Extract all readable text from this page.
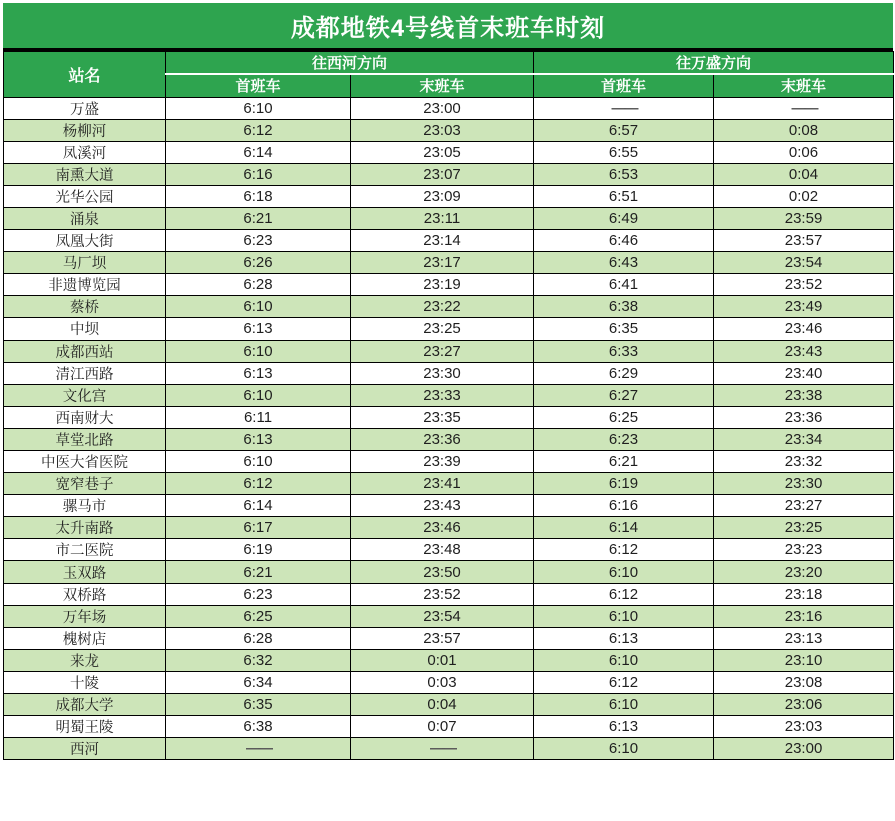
成都地铁4号线首末班车时刻
站名	往西河方向		往万盛方向	
	首班车	末班车	首班车	末班车
万盛	6:10	23:00	——	——
杨柳河	6:12	23:03	6:57	0:08
凤溪河	6:14	23:05	6:55	0:06
南熏大道	6:16	23:07	6:53	0:04
光华公园	6:18	23:09	6:51	0:02
涌泉	6:21	23:11	6:49	23:59
凤凰大街	6:23	23:14	6:46	23:57
马厂坝	6:26	23:17	6:43	23:54
非遗博览园	6:28	23:19	6:41	23:52
蔡桥	6:10	23:22	6:38	23:49
中坝	6:13	23:25	6:35	23:46
成都西站	6:10	23:27	6:33	23:43
清江西路	6:13	23:30	6:29	23:40
文化宫	6:10	23:33	6:27	23:38
西南财大	6:11	23:35	6:25	23:36
草堂北路	6:13	23:36	6:23	23:34
中医大省医院	6:10	23:39	6:21	23:32
宽窄巷子	6:12	23:41	6:19	23:30
骡马市	6:14	23:43	6:16	23:27
太升南路	6:17	23:46	6:14	23:25
市二医院	6:19	23:48	6:12	23:23
玉双路	6:21	23:50	6:10	23:20
双桥路	6:23	23:52	6:12	23:18
万年场	6:25	23:54	6:10	23:16
槐树店	6:28	23:57	6:13	23:13
来龙	6:32	0:01	6:10	23:10
十陵	6:34	0:03	6:12	23:08
成都大学	6:35	0:04	6:10	23:06
明蜀王陵	6:38	0:07	6:13	23:03
西河	——	——	6:10	23:00
